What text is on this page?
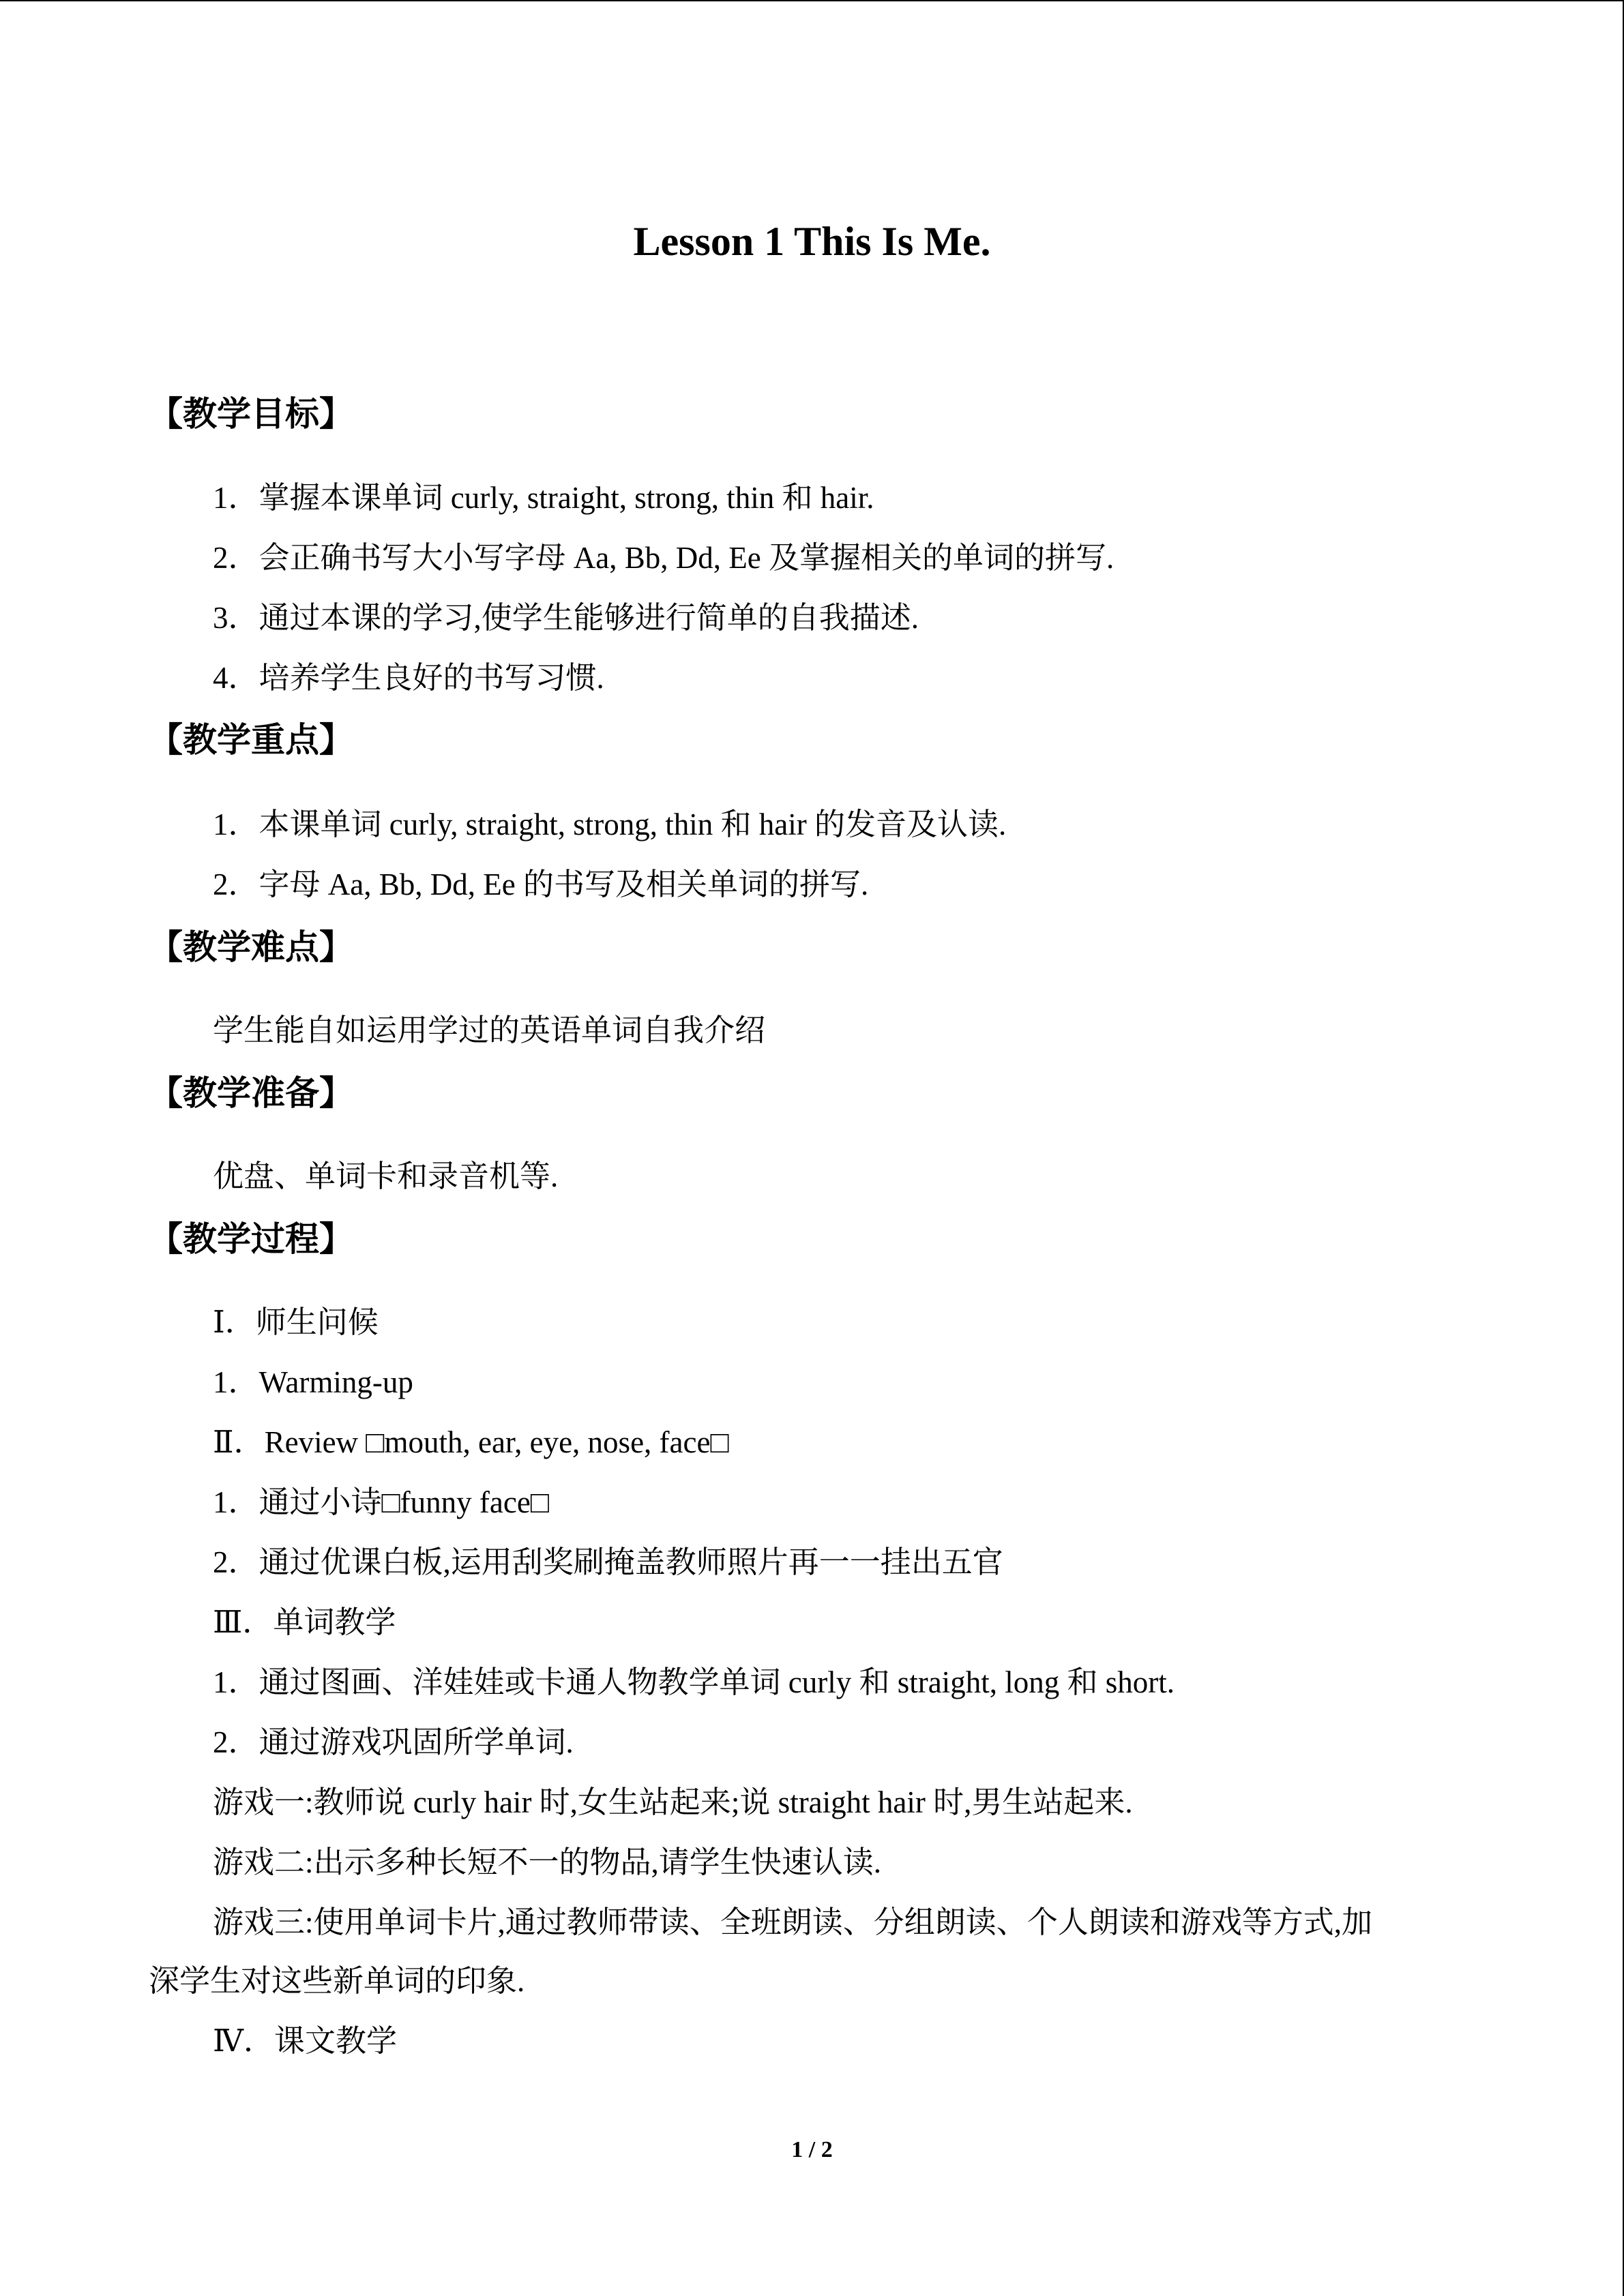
Lesson 1 This Is Me.
【教学目标】
1．掌握本课单词 curly, straight, strong, thin 和 hair.
2．会正确书写大小写字母 Aa, Bb, Dd, Ee 及掌握相关的单词的拼写.
3．通过本课的学习,使学生能够进行简单的自我描述.
4．培养学生良好的书写习惯.
【教学重点】
1．本课单词 curly, straight, strong, thin 和 hair 的发音及认读.
2．字母 Aa, Bb, Dd, Ee 的书写及相关单词的拼写.
【教学难点】
学生能自如运用学过的英语单词自我介绍
【教学准备】
优盘、单词卡和录音机等.
【教学过程】
Ⅰ．师生问候
1．Warming-up
Ⅱ．Review □mouth, ear, eye, nose, face□
1．通过小诗□funny face□
2．通过优课白板,运用刮奖刷掩盖教师照片再一一挂出五官
Ⅲ．单词教学
1．通过图画、洋娃娃或卡通人物教学单词 curly 和 straight, long 和 short.
2．通过游戏巩固所学单词.
游戏一:教师说 curly hair 时,女生站起来;说 straight hair 时,男生站起来.
游戏二:出示多种长短不一的物品,请学生快速认读.
游戏三:使用单词卡片,通过教师带读、全班朗读、分组朗读、个人朗读和游戏等方式,加
深学生对这些新单词的印象.
Ⅳ．课文教学
1 / 2
